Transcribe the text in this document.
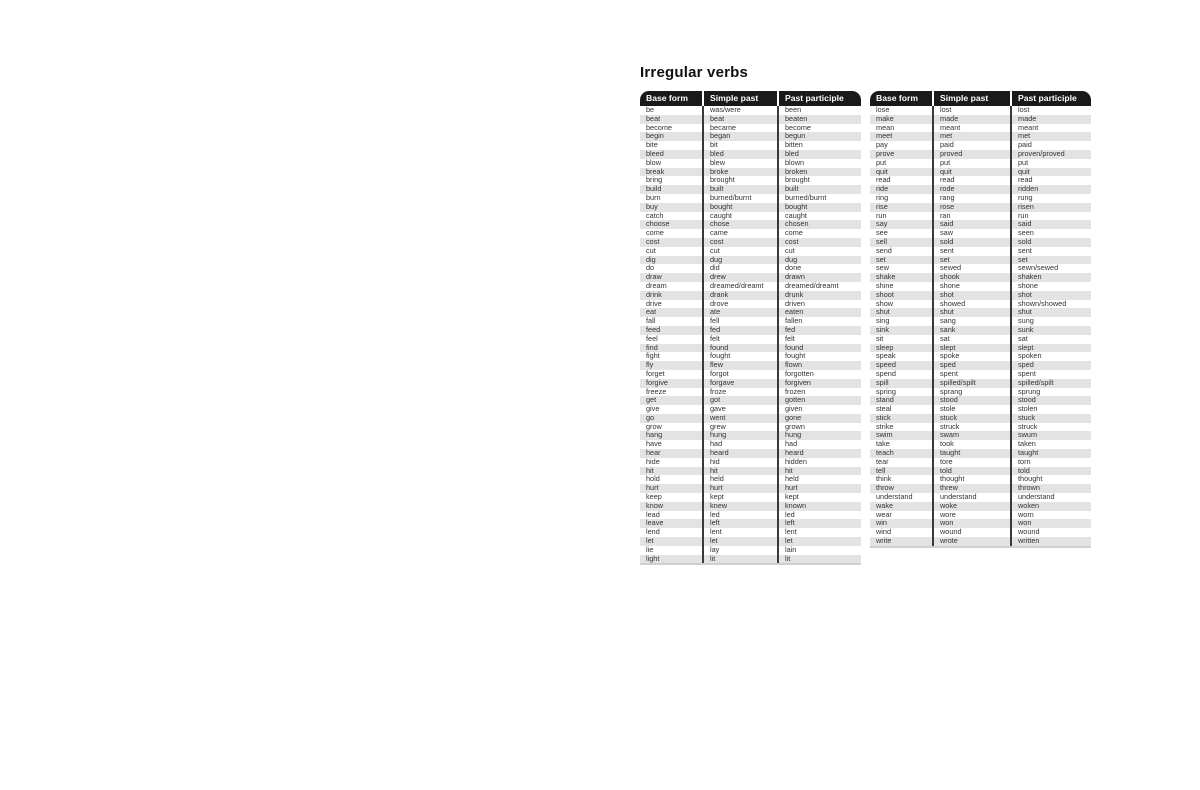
Irregular verbs
Base form	Simple past	Past participle
be	was/were	been
beat	beat	beaten
become	became	become
begin	began	begun
bite	bit	bitten
bleed	bled	bled
blow	blew	blown
break	broke	broken
bring	brought	brought
build	built	built
burn	burned/burnt	burned/burnt
buy	bought	bought
catch	caught	caught
choose	chose	chosen
come	came	come
cost	cost	cost
cut	cut	cut
dig	dug	dug
do	did	done
draw	drew	drawn
dream	dreamed/dreamt	dreamed/dreamt
drink	drank	drunk
drive	drove	driven
eat	ate	eaten
fall	fell	fallen
feed	fed	fed
feel	felt	felt
find	found	found
fight	fought	fought
fly	flew	flown
forget	forgot	forgotten
forgive	forgave	forgiven
freeze	froze	frozen
get	got	gotten
give	gave	given
go	went	gone
grow	grew	grown
hang	hung	hung
have	had	had
hear	heard	heard
hide	hid	hidden
hit	hit	hit
hold	held	held
hurt	hurt	hurt
keep	kept	kept
know	knew	known
lead	led	led
leave	left	left
lend	lent	lent
let	let	let
lie	lay	lain
light	lit	lit
Base form	Simple past	Past participle
lose	lost	lost
make	made	made
mean	meant	meant
meet	met	met
pay	paid	paid
prove	proved	proven/proved
put	put	put
quit	quit	quit
read	read	read
ride	rode	ridden
ring	rang	rung
rise	rose	risen
run	ran	run
say	said	said
see	saw	seen
sell	sold	sold
send	sent	sent
set	set	set
sew	sewed	sewn/sewed
shake	shook	shaken
shine	shone	shone
shoot	shot	shot
show	showed	shown/showed
shut	shut	shut
sing	sang	sung
sink	sank	sunk
sit	sat	sat
sleep	slept	slept
speak	spoke	spoken
speed	sped	sped
spend	spent	spent
spill	spilled/spilt	spilled/spilt
spring	sprang	sprung
stand	stood	stood
steal	stole	stolen
stick	stuck	stuck
strike	struck	struck
swim	swam	swum
take	took	taken
teach	taught	taught
tear	tore	torn
tell	told	told
think	thought	thought
throw	threw	thrown
understand	understand	understand
wake	woke	woken
wear	wore	worn
win	won	won
wind	wound	wound
write	wrote	written
